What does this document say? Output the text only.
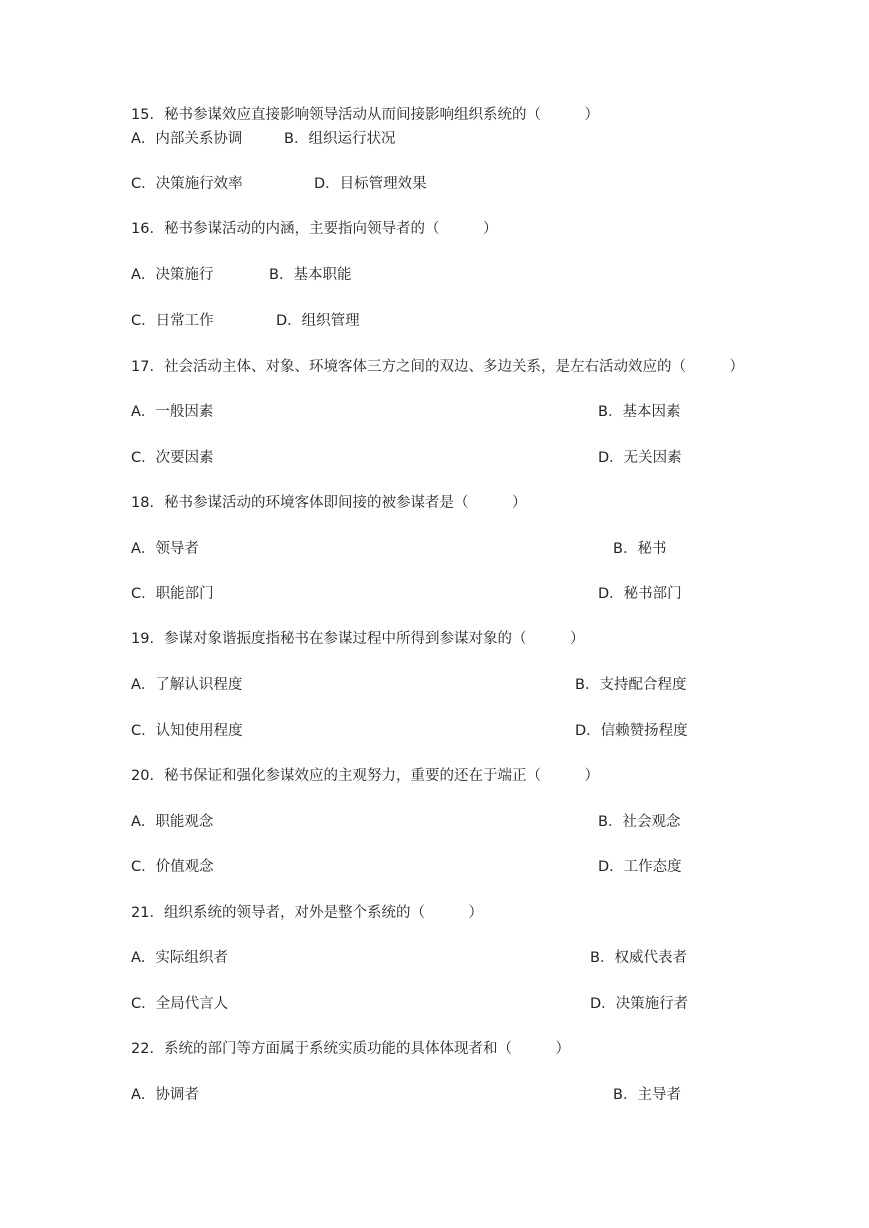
15．秘书参谋效应直接影响领导活动从而间接影响组织系统的（　　　）
A．内部关系协调	B．组织运行状况
C．决策施行效率	D．目标管理效果
16．秘书参谋活动的内涵，主要指向领导者的（　　　）
A．决策施行	B．基本职能
C．日常工作	D．组织管理
17．社会活动主体、对象、环境客体三方之间的双边、多边关系，是左右活动效应的（　　　）
A．一般因素	B．基本因素
C．次要因素	D．无关因素
18．秘书参谋活动的环境客体即间接的被参谋者是（　　　）
A．领导者	B．秘书
C．职能部门	D．秘书部门
19．参谋对象谐振度指秘书在参谋过程中所得到参谋对象的（　　　）
A．了解认识程度	B．支持配合程度
C．认知使用程度	D．信赖赞扬程度
20．秘书保证和强化参谋效应的主观努力，重要的还在于端正（　　　）
A．职能观念	B．社会观念
C．价值观念	D．工作态度
21．组织系统的领导者，对外是整个系统的（　　　）
A．实际组织者	B．权威代表者
C．全局代言人	D．决策施行者
22．系统的部门等方面属于系统实质功能的具体体现者和（　　　）
A．协调者	B．主导者
